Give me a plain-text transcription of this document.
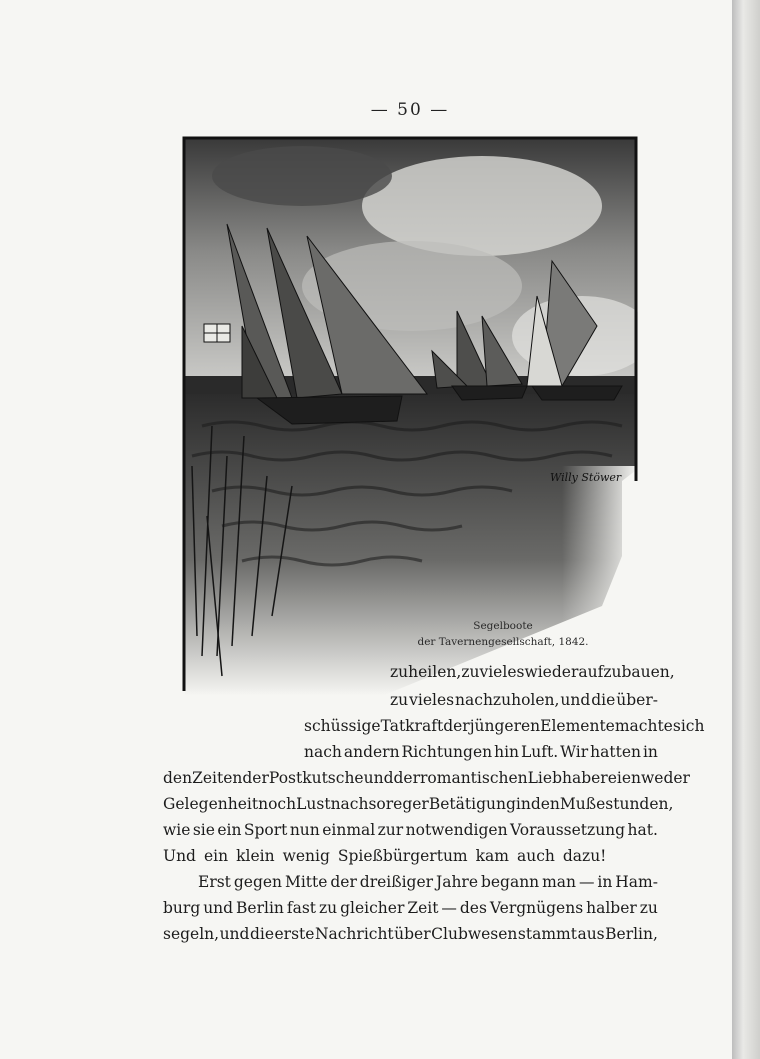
— 50 —
Willy Stöwer
Segelboote
der Tavernengesellschaft, 1842.
zu heilen, zu vieles wieder aufzubauen,
zu vieles nachzuholen, und die über-
schüssige Tatkraft der jüngeren Elemente machte sich
nach andern Richtungen hin Luft. Wir hatten in
den Zeiten der Postkutsche und der romantischen Liebhabereien weder
Gelegenheit noch Lust nach so reger Betätigung in den Mußestunden,
wie sie ein Sport nun einmal zur notwendigen Voraussetzung hat.
Und ein klein wenig Spießbürgertum kam auch dazu!
Erst gegen Mitte der dreißiger Jahre begann man — in Ham-
burg und Berlin fast zu gleicher Zeit — des Vergnügens halber zu
segeln, und die erste Nachricht über Clubwesen stammt aus Berlin,
